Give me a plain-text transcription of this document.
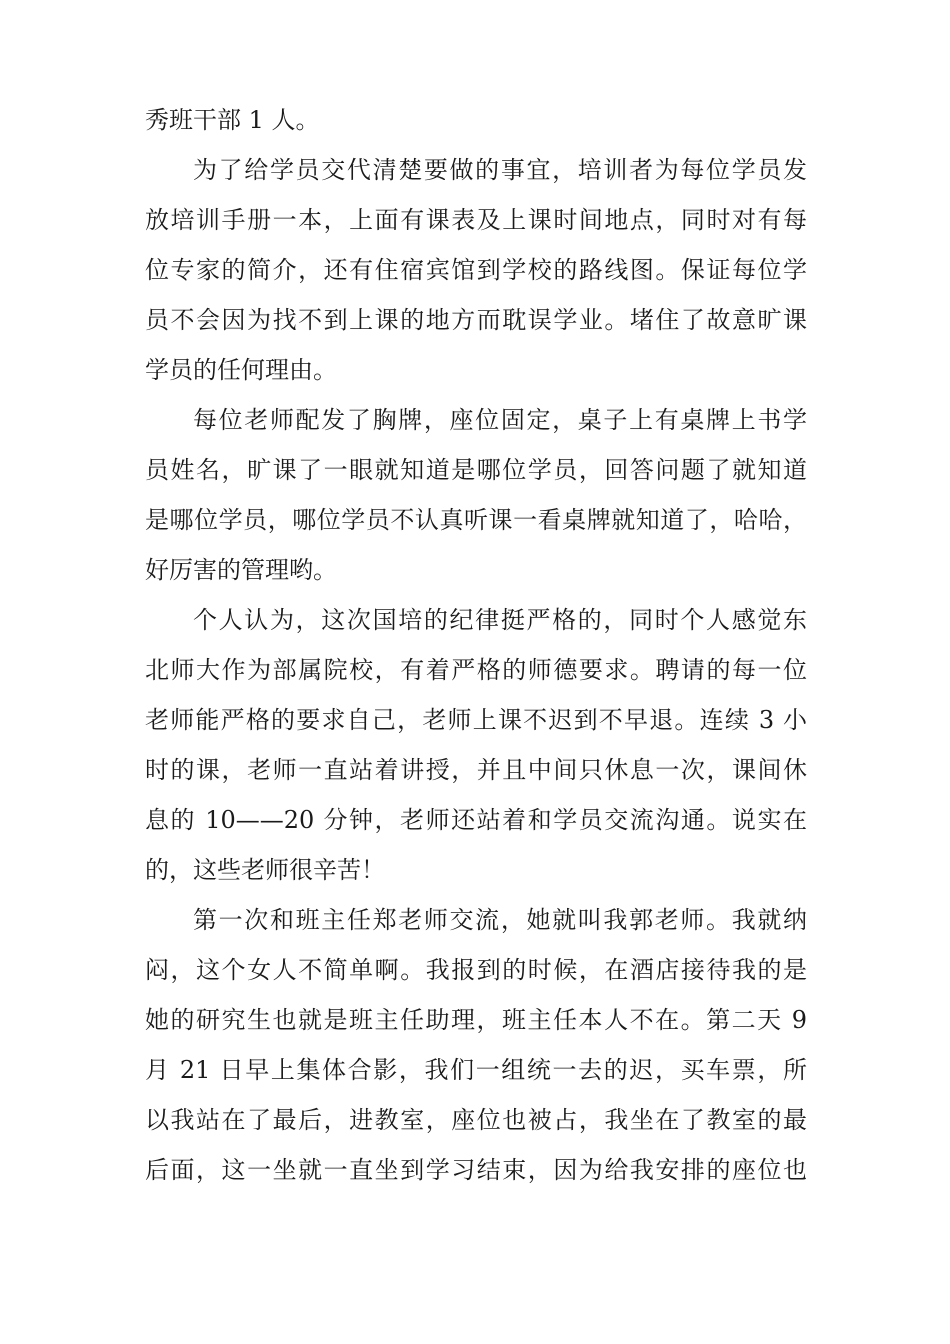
秀班干部 1 人。
为了给学员交代清楚要做的事宜，培训者为每位学员发
放培训手册一本，上面有课表及上课时间地点，同时对有每
位专家的简介，还有住宿宾馆到学校的路线图。保证每位学
员不会因为找不到上课的地方而耽误学业。堵住了故意旷课
学员的任何理由。
每位老师配发了胸牌，座位固定，桌子上有桌牌上书学
员姓名，旷课了一眼就知道是哪位学员，回答问题了就知道
是哪位学员，哪位学员不认真听课一看桌牌就知道了，哈哈，
好厉害的管理哟。
个人认为，这次国培的纪律挺严格的，同时个人感觉东
北师大作为部属院校，有着严格的师德要求。聘请的每一位
老师能严格的要求自己，老师上课不迟到不早退。连续 3 小
时的课，老师一直站着讲授，并且中间只休息一次，课间休
息的 10——20 分钟，老师还站着和学员交流沟通。说实在
的，这些老师很辛苦！
第一次和班主任郑老师交流，她就叫我郭老师。我就纳
闷，这个女人不简单啊。我报到的时候，在酒店接待我的是
她的研究生也就是班主任助理，班主任本人不在。第二天 9
月 21 日早上集体合影，我们一组统一去的迟，买车票，所
以我站在了最后，进教室，座位也被占，我坐在了教室的最
后面，这一坐就一直坐到学习结束，因为给我安排的座位也
